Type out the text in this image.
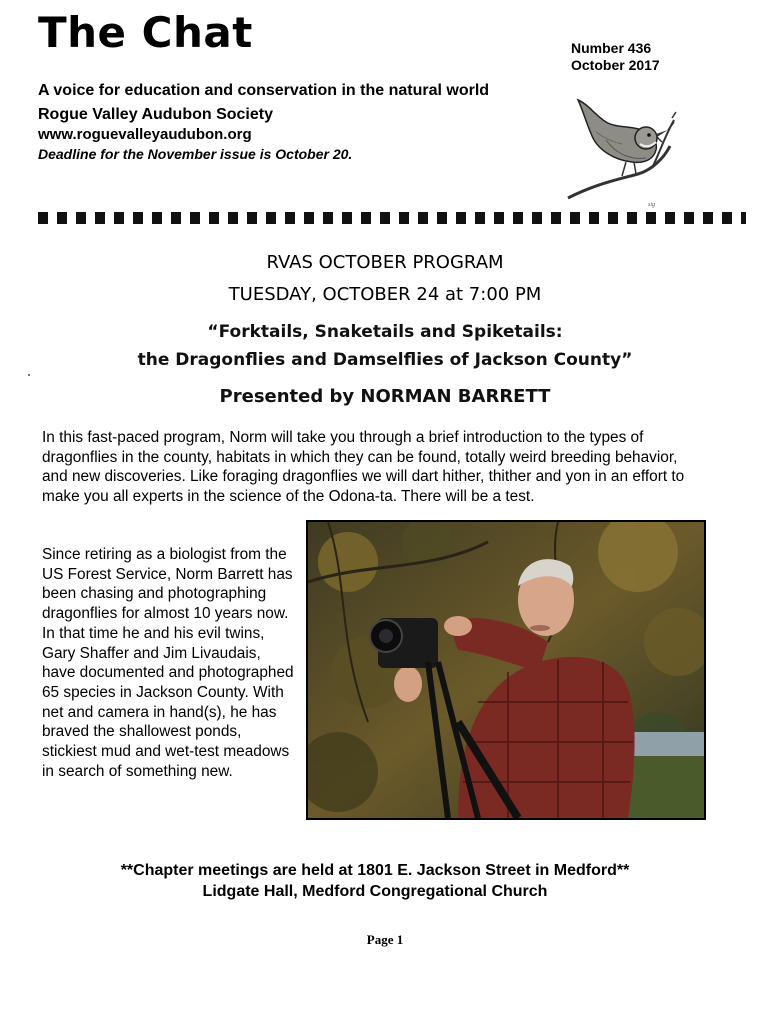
The Chat	Number 436
October 2017
A voice for education and conservation in the natural world
Rogue Valley Audubon Society
www.roguevalleyaudubon.org
Deadline for the November issue is October 20.
sig
RVAS OCTOBER PROGRAM
TUESDAY, OCTOBER 24 at 7:00 PM
“Forktails, Snaketails and Spiketails:
the Dragonflies and Damselflies of Jackson County”
Presented by NORMAN BARRETT
In this fast-paced program, Norm will take you through a brief introduction to the types of dragonflies in the county, habitats in which they can be found, totally weird breeding behavior, and new discoveries. Like foraging dragonflies we will dart hither, thither and yon in an effort to make you all experts in the science of the Odona-ta. There will be a test.
Since retiring as a biologist from the US Forest Service, Norm Barrett has been chasing and photographing dragonflies for almost 10 years now. In that time he and his evil twins, Gary Shaffer and Jim Livaudais, have documented and photographed 65 species in Jackson County. With net and camera in hand(s), he has braved the shallowest ponds, stickiest mud and wet-test meadows in search of something new.
**Chapter meetings are held at 1801 E. Jackson Street in Medford**
Lidgate Hall, Medford Congregational Church
Page 1
